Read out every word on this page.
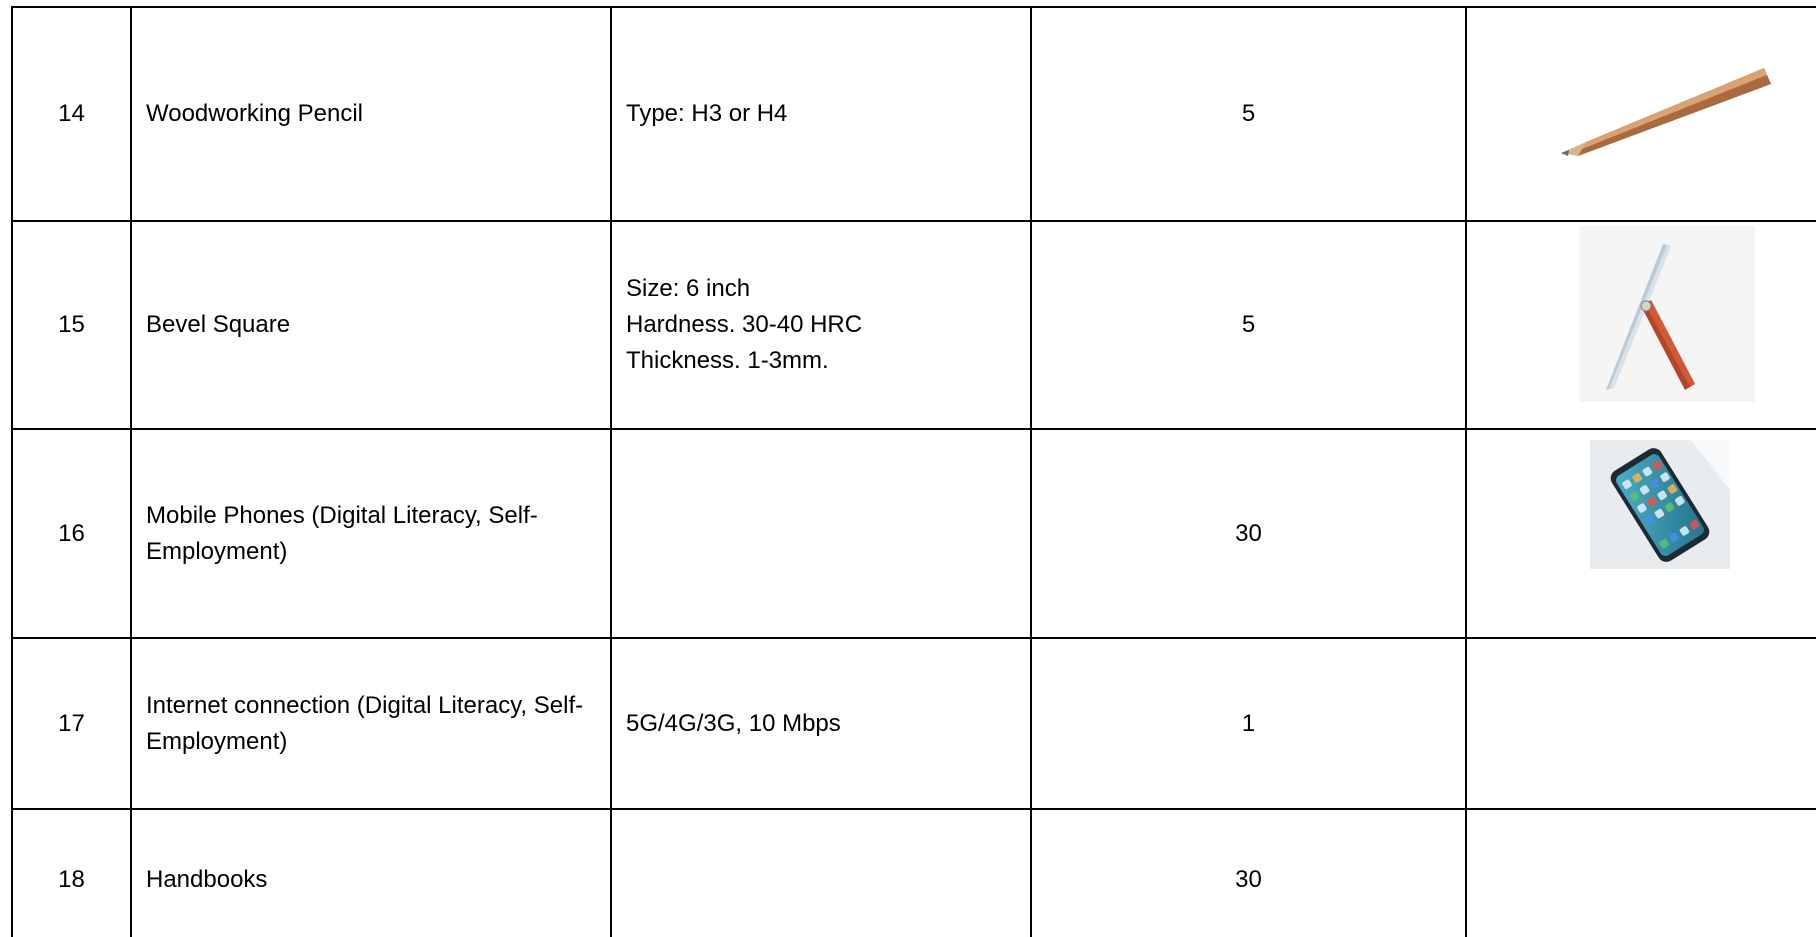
14	Woodworking Pencil	Type: H3 or H4	5	

15	Bevel Square	Size: 6 inch
Hardness. 30-40 HRC
Thickness. 1-3mm.	5	

16	Mobile Phones (Digital Literacy, Self-Employment)		30	

17	Internet connection (Digital Literacy, Self-Employment)	5G/4G/3G, 10 Mbps	1	
18	Handbooks		30	
